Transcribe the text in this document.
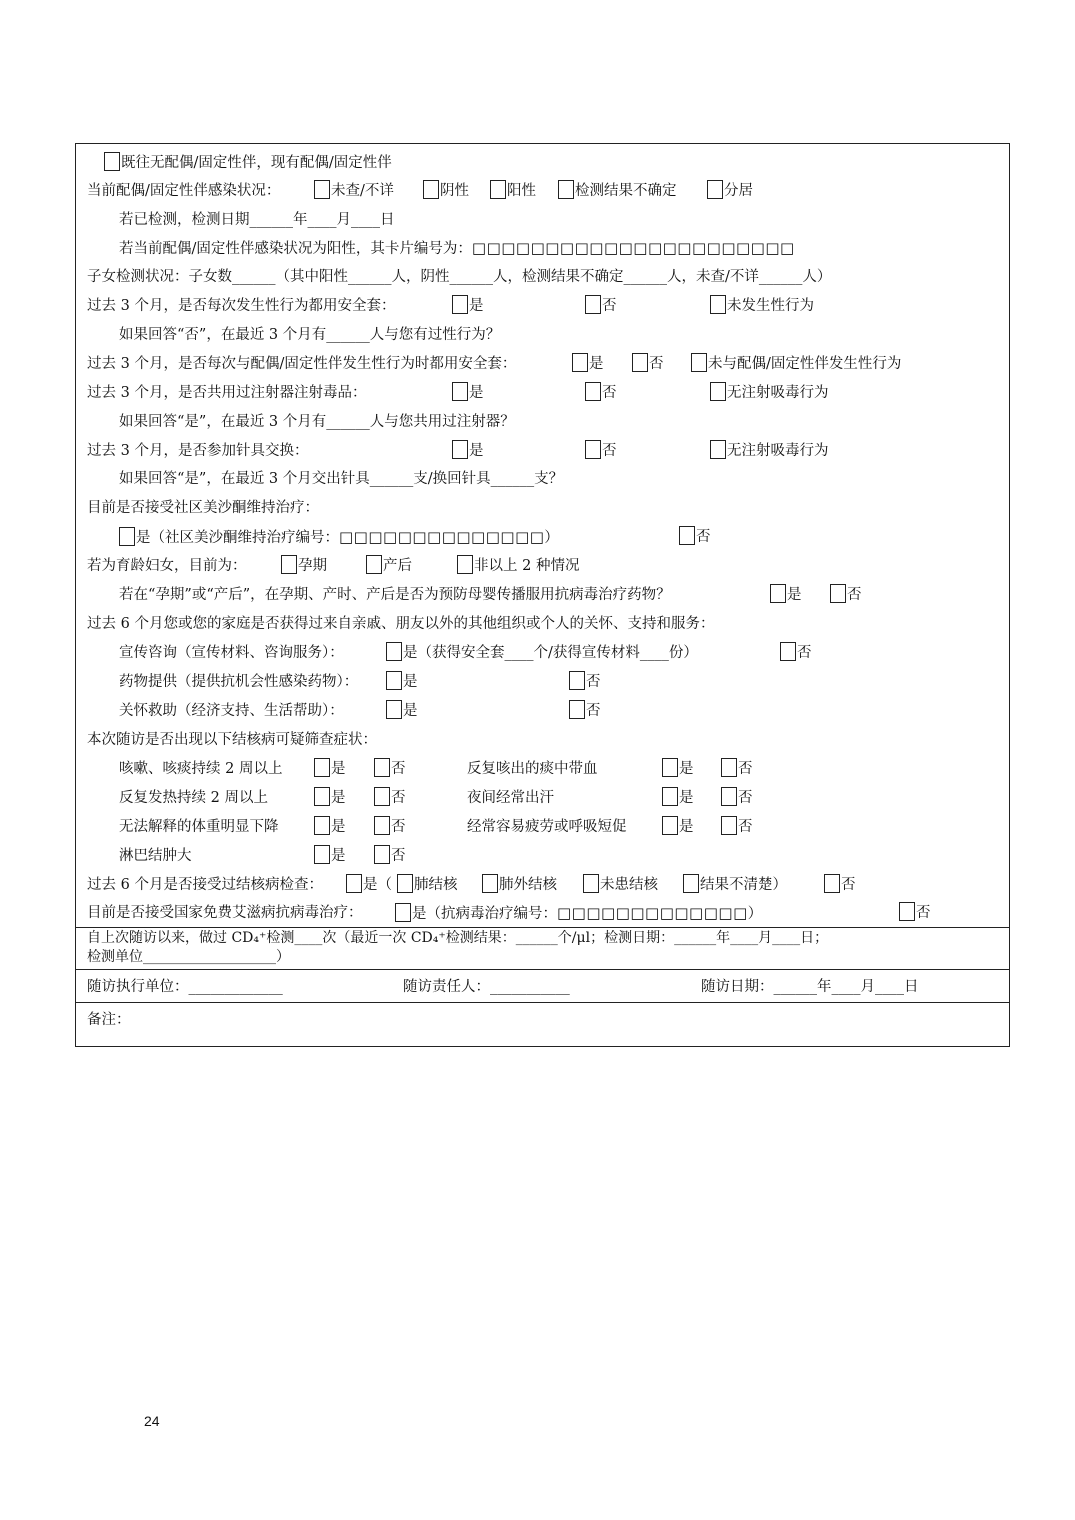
既往无配偶/固定性伴，现有配偶/固定性伴
当前配偶/固定性伴感染状况：	未查/不详	阴性	阳性	检测结果不确定	分居
若已检测，检测日期______年____月____日
若当前配偶/固定性伴感染状况为阳性，其卡片编号为：□□□□□□□□□□□□□□□□□□□□□□
子女检测状况：子女数______（其中阳性______人，阴性______人，检测结果不确定______人，未查/不详______人）
过去 3 个月，是否每次发生性行为都用安全套：	是	否	未发生性行为
如果回答“否”，在最近 3 个月有______人与您有过性行为？
过去 3 个月，是否每次与配偶/固定性伴发生性行为时都用安全套：	是	否	未与配偶/固定性伴发生性行为
过去 3 个月，是否共用过注射器注射毒品：	是	否	无注射吸毒行为
如果回答“是”，在最近 3 个月有______人与您共用过注射器？
过去 3 个月，是否参加针具交换：	是	否	无注射吸毒行为
如果回答“是”，在最近 3 个月交出针具______支/换回针具______支？
目前是否接受社区美沙酮维持治疗：
是（社区美沙酮维持治疗编号：□□□□□□□□□□□□□□）	否
若为育龄妇女，目前为：	孕期	产后	非以上 2 种情况
若在“孕期”或“产后”，在孕期、产时、产后是否为预防母婴传播服用抗病毒治疗药物？	是	否
过去 6 个月您或您的家庭是否获得过来自亲戚、朋友以外的其他组织或个人的关怀、支持和服务：
宣传咨询（宣传材料、咨询服务）：	是（获得安全套____个/获得宣传材料____份）	否
药物提供（提供抗机会性感染药物）：	是	否
关怀救助（经济支持、生活帮助）：	是	否
本次随访是否出现以下结核病可疑筛查症状：
咳嗽、咳痰持续 2 周以上	是	否	反复咳出的痰中带血	是	否
反复发热持续 2 周以上	是	否	夜间经常出汗	是	否
无法解释的体重明显下降	是	否	经常容易疲劳或呼吸短促	是	否
淋巴结肿大	是	否
过去 6 个月是否接受过结核病检查：	是（	肺结核	肺外结核	未患结核	结果不清楚）	否
目前是否接受国家免费艾滋病抗病毒治疗：	是（抗病毒治疗编号：□□□□□□□□□□□□□）	否
自上次随访以来，做过 CD₄⁺检测____次（最近一次 CD₄⁺检测结果：______个/μl；检测日期：______年____月____日；
检测单位___________________）
随访执行单位：_____________	随访责任人：___________	随访日期：______年____月____日
备注：
24
